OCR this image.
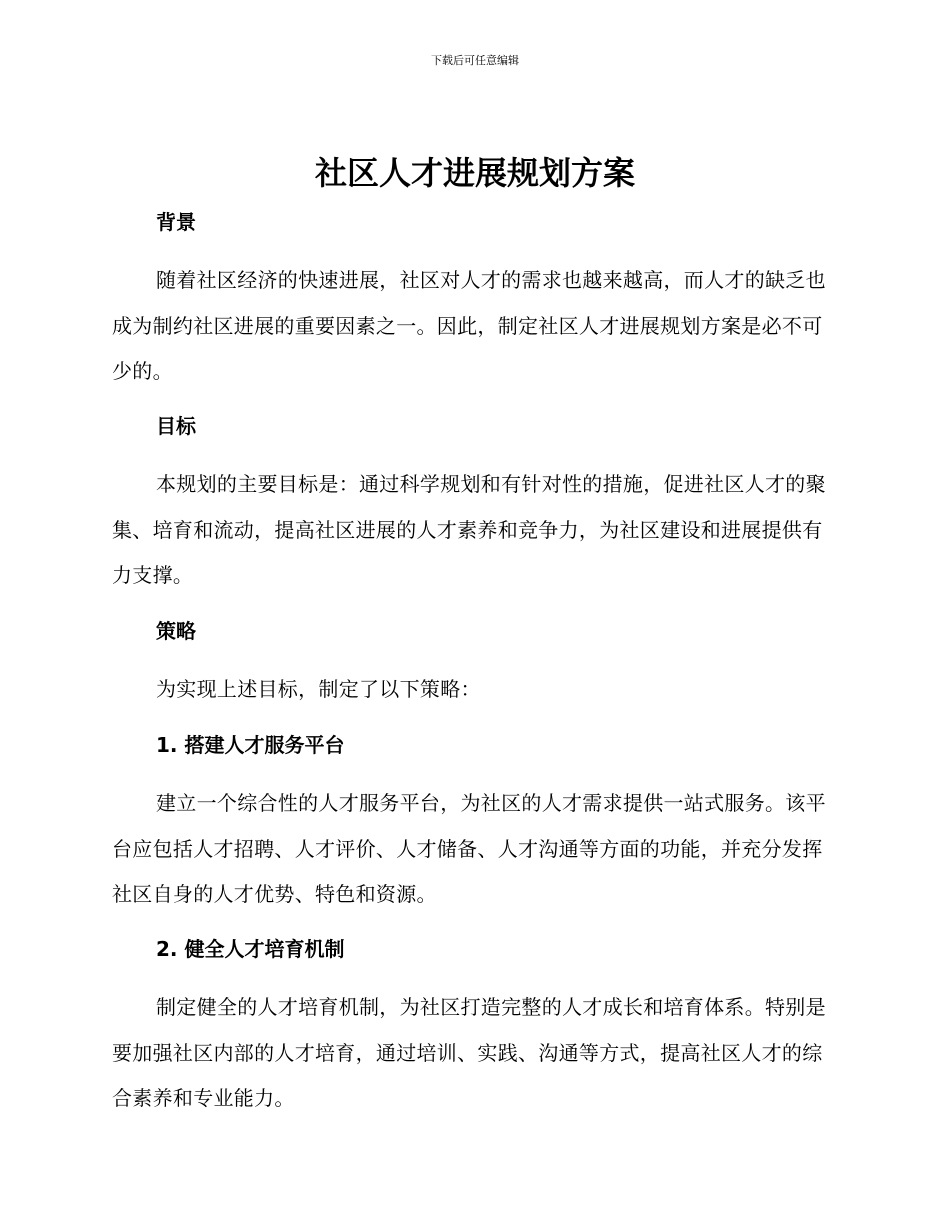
下载后可任意编辑
社区人才进展规划方案
背景

随着社区经济的快速进展，社区对人才的需求也越来越高，而人才的缺乏也成为制约社区进展的重要因素之一。因此，制定社区人才进展规划方案是必不可少的。

目标

本规划的主要目标是：通过科学规划和有针对性的措施，促进社区人才的聚集、培育和流动，提高社区进展的人才素养和竞争力，为社区建设和进展提供有力支撑。

策略

为实现上述目标，制定了以下策略：

1. 搭建人才服务平台

建立一个综合性的人才服务平台，为社区的人才需求提供一站式服务。该平台应包括人才招聘、人才评价、人才储备、人才沟通等方面的功能，并充分发挥社区自身的人才优势、特色和资源。

2. 健全人才培育机制

制定健全的人才培育机制，为社区打造完整的人才成长和培育体系。特别是要加强社区内部的人才培育，通过培训、实践、沟通等方式，提高社区人才的综合素养和专业能力。
